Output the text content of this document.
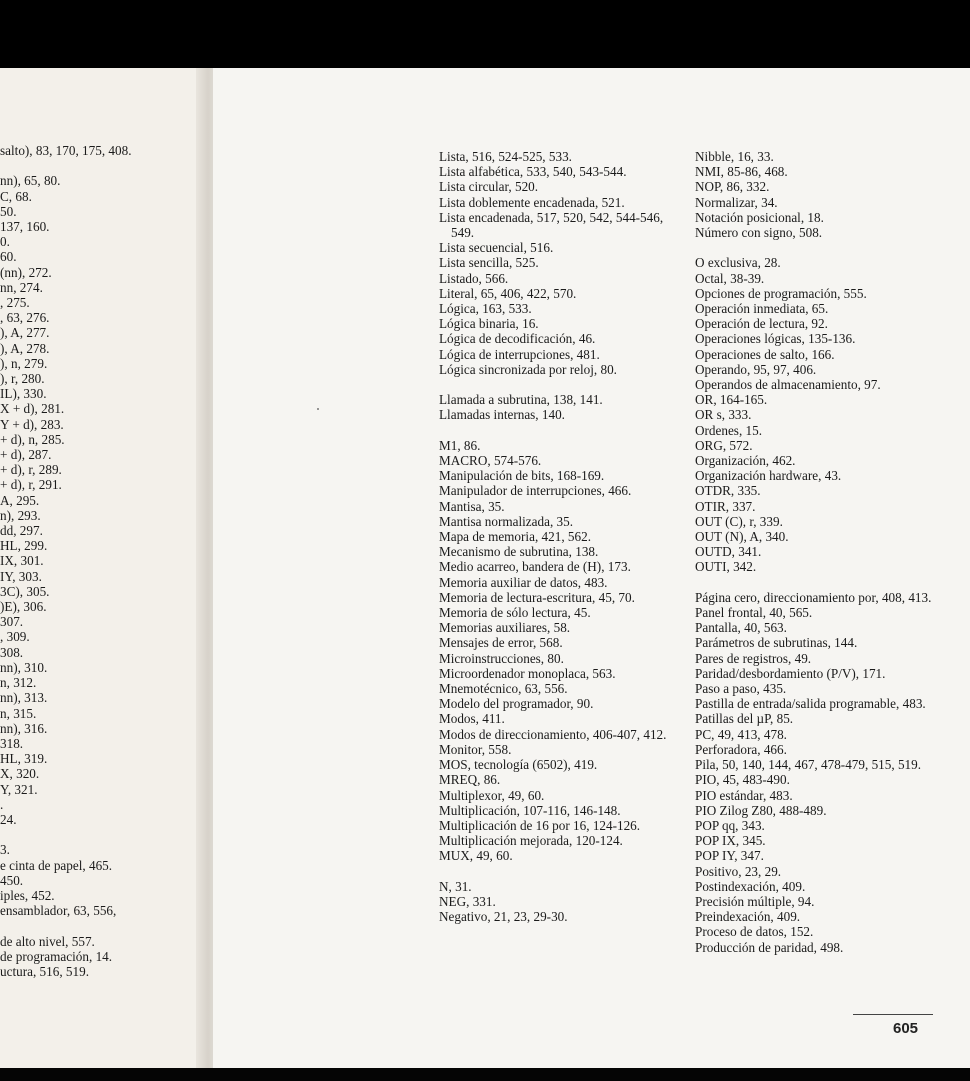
salto), 83, 170, 175, 408.
nn), 65, 80.
C, 68.
50.
137, 160.
0.
60.
(nn), 272.
nn, 274.
, 275.
, 63, 276.
), A, 277.
), A, 278.
), n, 279.
), r, 280.
IL), 330.
X + d), 281.
Y + d), 283.
+ d), n, 285.
+ d), 287.
+ d), r, 289.
+ d), r, 291.
A, 295.
n), 293.
dd, 297.
HL, 299.
IX, 301.
IY, 303.
3C), 305.
)E), 306.
307.
, 309.
308.
nn), 310.
n, 312.
nn), 313.
n, 315.
nn), 316.
318.
HL, 319.
X, 320.
Y, 321.
.
24.
3.
e cinta de papel, 465.
450.
iples, 452.
ensamblador, 63, 556,
de alto nivel, 557.
de programación, 14.
uctura, 516, 519.
Lista, 516, 524-525, 533.
Lista alfabética, 533, 540, 543-544.
Lista circular, 520.
Lista doblemente encadenada, 521.
Lista encadenada, 517, 520, 542, 544-546, 549.
Lista secuencial, 516.
Lista sencilla, 525.
Listado, 566.
Literal, 65, 406, 422, 570.
Lógica, 163, 533.
Lógica binaria, 16.
Lógica de decodificación, 46.
Lógica de interrupciones, 481.
Lógica sincronizada por reloj, 80.
Llamada a subrutina, 138, 141.
Llamadas internas, 140.
M1, 86.
MACRO, 574-576.
Manipulación de bits, 168-169.
Manipulador de interrupciones, 466.
Mantisa, 35.
Mantisa normalizada, 35.
Mapa de memoria, 421, 562.
Mecanismo de subrutina, 138.
Medio acarreo, bandera de (H), 173.
Memoria auxiliar de datos, 483.
Memoria de lectura-escritura, 45, 70.
Memoria de sólo lectura, 45.
Memorias auxiliares, 58.
Mensajes de error, 568.
Microinstrucciones, 80.
Microordenador monoplaca, 563.
Mnemotécnico, 63, 556.
Modelo del programador, 90.
Modos, 411.
Modos de direccionamiento, 406-407, 412.
Monitor, 558.
MOS, tecnología (6502), 419.
MREQ, 86.
Multiplexor, 49, 60.
Multiplicación, 107-116, 146-148.
Multiplicación de 16 por 16, 124-126.
Multiplicación mejorada, 120-124.
MUX, 49, 60.
N, 31.
NEG, 331.
Negativo, 21, 23, 29-30.
Nibble, 16, 33.
NMI, 85-86, 468.
NOP, 86, 332.
Normalizar, 34.
Notación posicional, 18.
Número con signo, 508.
O exclusiva, 28.
Octal, 38-39.
Opciones de programación, 555.
Operación inmediata, 65.
Operación de lectura, 92.
Operaciones lógicas, 135-136.
Operaciones de salto, 166.
Operando, 95, 97, 406.
Operandos de almacenamiento, 97.
OR, 164-165.
OR s, 333.
Ordenes, 15.
ORG, 572.
Organización, 462.
Organización hardware, 43.
OTDR, 335.
OTIR, 337.
OUT (C), r, 339.
OUT (N), A, 340.
OUTD, 341.
OUTI, 342.
Página cero, direccionamiento por, 408, 413.
Panel frontal, 40, 565.
Pantalla, 40, 563.
Parámetros de subrutinas, 144.
Pares de registros, 49.
Paridad/desbordamiento (P/V), 171.
Paso a paso, 435.
Pastilla de entrada/salida programable, 483.
Patillas del µP, 85.
PC, 49, 413, 478.
Perforadora, 466.
Pila, 50, 140, 144, 467, 478-479, 515, 519.
PIO, 45, 483-490.
PIO estándar, 483.
PIO Zilog Z80, 488-489.
POP qq, 343.
POP IX, 345.
POP IY, 347.
Positivo, 23, 29.
Postindexación, 409.
Precisión múltiple, 94.
Preindexación, 409.
Proceso de datos, 152.
Producción de paridad, 498.
605
